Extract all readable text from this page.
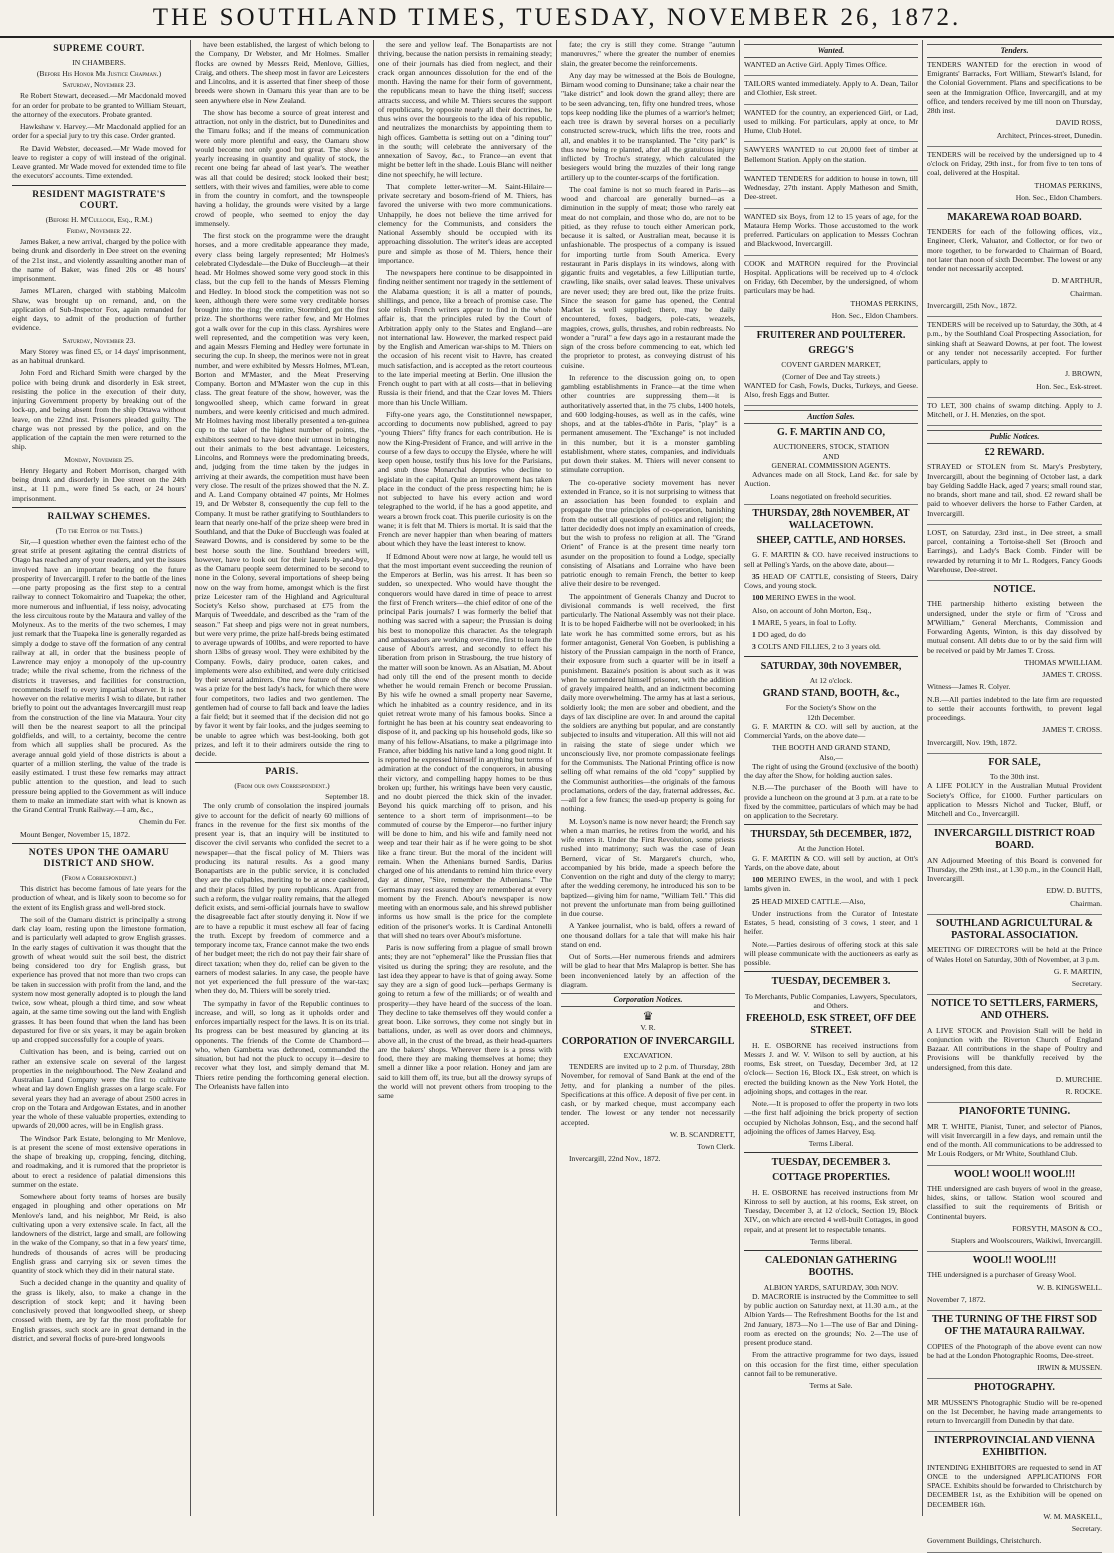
THE SOUTHLAND TIMES, TUESDAY, NOVEMBER 26, 1872.
SUPREME COURT.
IN CHAMBERS.
(Before His Honor Mr Justice Chapman.)
Saturday, November 23.

Re Robert Stewart, deceased.—Mr Macdonald moved for an order for probate to be granted to William Steuart, the attorney of the executors. Probate granted.

Hawkshaw v. Harvey.—Mr Macdonald applied for an order for a special jury to try this case. Order granted.

Re David Webster, deceased.—Mr Wade moved for leave to register a copy of will instead of the original. Leave granted. Mr Wade moved for extended time to file the executors' accounts. Time extended.

RESIDENT MAGISTRATE'S COURT.
(Before H. M'Culloch, Esq., R.M.)
Friday, November 22.

James Baker, a new arrival, charged by the police with being drunk and disorderly in Dee street on the evening of the 21st inst., and violently assaulting another man of the name of Baker, was fined 20s or 48 hours' imprisonment.

James M'Laren, charged with stabbing Malcolm Shaw, was brought up on remand, and, on the application of Sub-Inspector Fox, again remanded for eight days, to admit of the production of further evidence.

Saturday, November 23.

Mary Storey was fined £5, or 14 days' imprisonment, as an habitual drunkard.

John Ford and Richard Smith were charged by the police with being drunk and disorderly in Esk street, resisting the police in the execution of their duty, injuring Government property by breaking out of the lock-up, and being absent from the ship Ottawa without leave, on the 22nd inst. Prisoners pleaded guilty. The charge was not pressed by the police, and on the application of the captain the men were returned to the ship.

Monday, November 25.

Henry Hegarty and Robert Morrison, charged with being drunk and disorderly in Dee street on the 24th inst., at 11 p.m., were fined 5s each, or 24 hours' imprisonment.

RAILWAY SCHEMES.
(To the Editor of the Times.)

Sir,—I question whether even the faintest echo of the great strife at present agitating the central districts of Otago has reached any of your readers, and yet the issues involved have an important bearing on the future prosperity of Invercargill. I refer to the battle of the lines—one party proposing as the first step to a central railway to connect Tokomairiro and Tuapeka; the other, more numerous and influential, if less noisy, advocating the less circuitous route by the Mataura and valley of the Molyneux. As to the merits of the two schemes, I may just remark that the Tuapeka line is generally regarded as simply a dodge to stave off the formation of any central railway at all, in order that the business people of Lawrence may enjoy a monopoly of the up-country trade; while the rival scheme, from the richness of the districts it traverses, and facilities for construction, recommends itself to every impartial observer. It is not however on the relative merits I wish to dilate, but rather briefly to point out the advantages Invercargill must reap from the construction of the line via Mataura. Your city will then be the nearest seaport to all the principal goldfields, and will, to a certainty, become the centre from which all supplies shall be procured. As the average annual gold yield of those districts is about a quarter of a million sterling, the value of the trade is easily estimated. I trust these few remarks may attract public attention to the question, and lead to such pressure being applied to the Government as will induce them to make an immediate start with what is known as the Grand Central Trunk Railway.—I am, &c.,

Chemin du Fer.

Mount Benger, November 15, 1872.

NOTES UPON THE OAMARU DISTRICT AND SHOW.
(From a Correspondent.)

This district has become famous of late years for the production of wheat, and is likely soon to become so for the extent of its English grass and well-bred stock.

The soil of the Oamaru district is principally a strong dark clay loam, resting upon the limestone formation, and is particularly well adapted to grow English grasses. In the early stages of cultivation it was thought that the growth of wheat would suit the soil best, the district being considered too dry for English grass, but experience has proved that not more than two crops can be taken in succession with profit from the land, and the system now most generally adopted is to plough the land twice, sow wheat, plough a third time, and sow wheat again, at the same time sowing out the land with English grasses. It has been found that when the land has been depastured for five or six years, it may be again broken up and cropped successfully for a couple of years.

Cultivation has been, and is being, carried out on rather an extensive scale on several of the largest properties in the neighbourhood. The New Zealand and Australian Land Company were the first to cultivate wheat and lay down English grasses on a large scale. For several years they had an average of about 2500 acres in crop on the Totara and Ardgowan Estates, and in another year the whole of these valuable properties, extending to upwards of 20,000 acres, will be in English grass.

The Windsor Park Estate, belonging to Mr Menlove, is at present the scene of most extensive operations in the shape of breaking up, cropping, fencing, ditching, and roadmaking, and it is rumored that the proprietor is about to erect a residence of palatial dimensions this summer on the estate.

Somewhere about forty teams of horses are busily engaged in ploughing and other operations on Mr Menlove's land, and his neighbor, Mr Reid, is also cultivating upon a very extensive scale. In fact, all the landowners of the district, large and small, are following in the wake of the Company, so that in a few years' time, hundreds of thousands of acres will be producing English grass and carrying six or seven times the quantity of stock which they did in their natural state.

Such a decided change in the quantity and quality of the grass is likely, also, to make a change in the description of stock kept; and it having been conclusively proved that longwoolled sheep, or sheep crossed with them, are by far the most profitable for English grasses, such stock are in great demand in the district, and several flocks of pure-bred longwools

have been established, the largest of which belong to the Company, Dr Webster, and Mr Holmes. Smaller flocks are owned by Messrs Reid, Menlove, Gillies, Craig, and others. The sheep most in favor are Leicesters and Lincolns, and it is asserted that finer sheep of those breeds were shown in Oamaru this year than are to be seen anywhere else in New Zealand.

The show has become a source of great interest and attraction, not only in the district, but to Dunedinites and the Timaru folks; and if the means of communication were only more plentiful and easy, the Oamaru show would become not only good but great. The show is yearly increasing in quantity and quality of stock, the recent one being far ahead of last year's. The weather was all that could be desired; stock looked their best; settlers, with their wives and families, were able to come in from the country in comfort, and the townspeople having a holiday, the grounds were visited by a large crowd of people, who seemed to enjoy the day immensely.

The first stock on the programme were the draught horses, and a more creditable appearance they made, every class being largely represented; Mr Holmes's celebrated Clydesdale—the Duke of Buccleugh—at their head. Mr Holmes showed some very good stock in this class, but the cup fell to the hands of Messrs Fleming and Hedley. In blood stock the competition was not so keen, although there were some very creditable horses brought into the ring; the entire, Stormbird, got the first prize. The shorthorns were rather few, and Mr Holmes got a walk over for the cup in this class. Ayrshires were well represented, and the competition was very keen, and again Messrs Fleming and Hedley were fortunate in securing the cup. In sheep, the merinos were not in great number, and were exhibited by Messrs Holmes, M'Lean, Borton and M'Master, and the Meat Preserving Company. Borton and M'Master won the cup in this class. The great feature of the show, however, was the longwoolled sheep, which came forward in great numbers, and were keenly criticised and much admired. Mr Holmes having most liberally presented a ten-guinea cup to the taker of the highest number of points, the exhibitors seemed to have done their utmost in bringing out their animals to the best advantage. Leicesters, Lincolns, and Romneys were the predominating breeds, and, judging from the time taken by the judges in arriving at their awards, the competition must have been very close. The result of the prizes showed that the N. Z. and A. Land Company obtained 47 points, Mr Holmes 19, and Dr Webster 8, consequently the cup fell to the Company. It must be rather gratifying to Southlanders to learn that nearly one-half of the prize sheep were bred in Southland, and that the Duke of Buccleugh was foaled at Seaward Downs, and is considered by some to be the best horse south the line. Southland breeders will, however, have to look out for their laurels by-and-bye, as the Oamaru people seem determined to be second to none in the Colony, several importations of sheep being now on the way from home, amongst which is the first prize Leicester ram of the Highland and Agricultural Society's Kelso show, purchased at £75 from the Marquis of Tweeddale, and described as the "ram of the season." Fat sheep and pigs were not in great numbers, but were very prime, the prize half-breds being estimated to average upwards of 100lbs, and were reported to have shorn 13lbs of greasy wool. They were exhibited by the Company. Fowls, dairy produce, oaten cakes, and implements were also exhibited, and were duly criticised by their several admirers. One new feature of the show was a prize for the best lady's hack, for which there were four competitors, two ladies and two gentlemen. The gentlemen had of course to fall back and leave the ladies a fair field; but it seemed that if the decision did not go by favor it went by fair looks, and the judges seeming to be unable to agree which was best-looking, both got prizes, and left it to their admirers outside the ring to decide.

PARIS.
(From our own Correspondent.)
September 18.

The only crumb of consolation the inspired journals give to account for the deficit of nearly 60 millions of francs in the revenue for the first six months of the present year is, that an inquiry will be instituted to discover the civil servants who confided the secret to a newspaper—that the fiscal policy of M. Thiers was producing its natural results. As a good many Bonapartists are in the public service, it is concluded they are the culpables, meriting to be at once cashiered, and their places filled by pure republicans. Apart from such a reform, the vulgar reality remains, that the alleged deficit exists, and semi-official journals have to swallow the disagreeable fact after stoutly denying it. Now if we are to have a republic it must eschew all fear of facing the truth. Except by freedom of commerce and a temporary income tax, France cannot make the two ends of her budget meet; the rich do not pay their fair share of direct taxation; when they do, relief can be given to the earners of modest salaries. In any case, the people have not yet experienced the full pressure of the war-tax; when they do, M. Thiers will be sorely tried.

The sympathy in favor of the Republic continues to increase, and will, so long as it upholds order and enforces impartially respect for the laws. It is on its trial. Its progress can be best measured by glancing at its opponents. The friends of the Comte de Chambord—who, when Gambetta was dethroned, commanded the situation, but had not the pluck to occupy it—desire to recover what they lost, and simply demand that M. Thiers retire pending the forthcoming general election. The Orleanists have fallen into

the sere and yellow leaf. The Bonapartists are not thriving, because the nation persists in remaining steady; one of their journals has died from neglect, and their crack organ announces dissolution for the end of the month. Having the name for their form of government, the republicans mean to have the thing itself; success attracts success, and while M. Thiers secures the support of republicans, by opposite nearly all their doctrines, he thus wins over the bourgeois to the idea of his republic, and neutralizes the monarchists by appointing them to high offices. Gambetta is setting out on a "dining tour" in the south; will celebrate the anniversary of the annexation of Savoy, &c., to France—an event that might be better left in the shade. Louis Blanc will neither dine not speechify, he will lecture.

That complete letter-writer—M. Saint-Hilaire—private secretary and bosom-friend of M. Thiers, has favored the universe with two more communications. Unhappily, he does not believe the time arrived for clemency for the Communists, and considers the National Assembly should be occupied with its approaching dissolution. The writer's ideas are accepted pure and simple as those of M. Thiers, hence their importance.

The newspapers here continue to be disappointed in finding neither sentiment nor tragedy in the settlement of the Alabama question; it is all a matter of pounds, shillings, and pence, like a breach of promise case. The sole relish French writers appear to find in the whole affair is, that the principles ruled by the Court of Arbitration apply only to the States and England—are not international law. However, the marked respect paid by the English and American war-ships to M. Thiers on the occasion of his recent visit to Havre, has created much satisfaction, and is accepted as the retort courteous to the late imperial meeting at Berlin. One illusion the French ought to part with at all costs—that in believing Russia is their friend, and that the Czar loves M. Thiers more than his Uncle William.

Fifty-one years ago, the Constitutionnel newspaper, according to documents now published, agreed to pay "young Thiers" fifty francs for each contribution. He is now the King-President of France, and will arrive in the course of a few days to occupy the Elysée, where he will keep open house, testify thus his love for the Parisians, and snub those Monarchal deputies who decline to legislate in the capital. Quite an improvement has taken place in the conduct of the press respecting him; he is not subjected to have his every action and word telegraphed to the world, if he has a good appetite, and wears a brown frock coat. This puerile curiosity is on the wane; it is felt that M. Thiers is mortal. It is said that the French are never happier than when bearing of matters about which they have the least interest to know.

If Edmond About were now at large, he would tell us that the most important event succeeding the reunion of the Emperors at Berlin, was his arrest. It has been so sudden, so unexpected. Who would have thought the conquerors would have dared in time of peace to arrest the first of French writers—the chief editor of one of the principal Paris journals? I was formerly the belief that nothing was sacred with a sapeur; the Prussian is doing his best to monopolize this character. As the telegraph and ambassadors are working over-time, first to learn the cause of About's arrest, and secondly to effect his liberation from prison in Strasbourg, the true history of the matter will soon be known. As an Alsatian, M. About had only till the end of the present month to decide whether he would remain French or become Prussian. By his wife he owned a small property near Saverne, which he inhabited as a country residence, and in its quiet retreat wrote many of his famous books. Since a fortnight he has been at his country seat endeavoring to dispose of it, and packing up his household gods, like so many of his fellow-Alsatians, to make a pilgrimage into France, after bidding his native land a long good night. It is reported he expressed himself in anything but terms of admiration at the conduct of the conquerors, in abusing their victory, and compelling happy homes to be thus broken up; further, his writings have been very caustic, and no doubt pierced the thick skin of the invader. Beyond his quick marching off to prison, and his sentence to a short term of imprisonment—to be commuted of course by the Emperor—no further injury will be done to him, and his wife and family need not weep and tear their hair as if he were going to be shot like a franc tireur. But the moral of the incident will remain. When the Athenians burned Sardis, Darius charged one of his attendants to remind him thrice every day at dinner, "Sire, remember the Athenians." The Germans may rest assured they are remembered at every moment by the French. About's newspaper is now meeting with an enormous sale, and his shrewd publisher informs us how small is the price for the complete edition of the prisoner's works. It is Cardinal Antonelli that will shed no tears over About's misfortune.

Paris is now suffering from a plague of small brown ants; they are not "ephemeral" like the Prussian flies that visited us during the spring; they are resolute, and the last idea they appear to have is that of going away. Some say they are a sign of good luck—perhaps Germany is going to return a few of the milliards; or of wealth and prosperity—they have heard of the success of the loan. They decline to take themselves off they would confer a great boon. Like sorrows, they come not singly but in battalions, under, as well as over doors and chimneys, above all, in the crust of the bread, as their head-quarters are the bakers' shops. Wherever there is a press with food, there they are making themselves at home; they smell a dinner like a poor relation. Honey and jam are said to kill them off, its true, but all the drowsy syrups of the world will not prevent others from trooping to the same

fate; the cry is still they come. Strange "autumn manœuvres," where the greater the number of enemies slain, the greater become the reinforcements.

Any day may be witnessed at the Bois de Boulogne, Birnam wood coming to Dunsinane; take a chair near the "lake district" and look down the grand alley; there are to be seen advancing, ten, fifty one hundred trees, whose tops keep nodding like the plumes of a warrior's helmet; each tree is drawn by several horses on a peculiarly constructed screw-truck, which lifts the tree, roots and all, and enables it to be transplanted. The "city park" is thus now being re planted, after all the gratuitous injury inflicted by Trochu's strategy, which calculated the besiegers would bring the muzzles of their long range artillery up to the counter-scarps of the fortification.

The coal famine is not so much feared in Paris—as wood and charcoal are generally burned—as a diminution in the supply of meat; those who rarely eat meat do not complain, and those who do, are not to be pitied, as they refuse to touch either American pork, because it is salted, or Australian meat, because it is unfashionable. The prospectus of a company is issued for importing turtle from South America. Every restaurant in Paris displays in its windows, along with gigantic fruits and vegetables, a few Lilliputian turtle, crawling, like snails, over salad leaves. These univalves are never used; they are bred out, like the prize fruits. Since the season for game has opened, the Central Market is well supplied; there, may be daily encountered, foxes, badgers, pole-cats, weazels, magpies, crows, gulls, thrushes, and robin redbreasts. No wonder a "rural" a few days ago in a restaurant made the sign of the cross before commencing to eat, which led the proprietor to protest, as conveying distrust of his cuisine.

In reference to the discussion going on, to open gambling establishments in France—at the time when other countries are suppressing them—it is authoritatively asserted that, in the 75 clubs, 1400 hotels, and 600 lodging-houses, as well as in the cafés, wine shops, and at the tables-d'hôte in Paris, "play" is a permanent amusement. The "Exchange" is not included in this number, but it is a monster gambling establishment, where states, companies, and individuals put down their stakes. M. Thiers will never consent to stimulate corruption.

The co-operative society movement has never extended in France, so it is not surprising to witness that an association has been founded to explain and propagate the true principles of co-operation, banishing from the outset all questions of politics and religion; the latter decidedly does not imply an examination of creeds, but the wish to profess no religion at all. The "Grand Orient" of France is at the present time nearly torn asunder on the proposition to found a Lodge, specially consisting of Alsatians and Lorraine who have been patriotic enough to remain French, the better to keep alive their desire to be revenged.

The appointment of Generals Chanzy and Ducrot to divisional commands is well received, the first particularly. The National Assembly was not their place. It is to be hoped Faidherbe will not be overlooked; in his late work he has committed some errors, but as his former antagonist, General Von Goeben, is publishing a history of the Prussian campaign in the north of France, their exposure from such a quarter will be in itself a punishment. Bazaine's position is about such as it was when he surrendered himself prisoner, with the addition of gravely impaired health, and an indictment becoming daily more overwhelming. The army has at last a serious, soldierly look; the men are sober and obedient, and the days of lax discipline are over. In and around the capital the soldiers are anything but popular, and are constantly subjected to insults and vituperation. All this will not aid in raising the state of siege under which we unconsciously live, nor promote compassionate feelings for the Communists. The National Printing office is now selling off what remains of the old "copy" supplied by the Communist authorities—the originals of the famous proclamations, orders of the day, fraternal addresses, &c.—all for a few francs; the used-up property is going for nothing.

M. Loyson's name is now never heard; the French say when a man marries, he retires from the world, and his wife enters it. Under the First Revolution, some priests rushed into matrimony; such was the case of Jean Bernerd, vicar of St. Margaret's church, who, accompanied by his bride, made a speech before the Convention on the right and duty of the clergy to marry; after the wedding ceremony, he introduced his son to be baptized—giving him for name, "William Tell." This did not prevent the unfortunate man from being guillotined in due course.

A Yankee journalist, who is bald, offers a reward of one thousand dollars for a tale that will make his hair stand on end.

Out of Sorts.—Her numerous friends and admirers will be glad to hear that Mrs Malaprop is better. She has been inconvenienced lately by an affection of the diagram.

Corporation Notices.
♛
V. R.
CORPORATION OF INVERCARGILL
EXCAVATION.

TENDERS are invited up to 2 p.m. of Thursday, 28th November, for removal of Sand Bank at the end of the Jetty, and for planking a number of the piles. Specifications at this office. A deposit of five per cent. in cash, or by marked cheque, must accompany each tender. The lowest or any tender not necessarily accepted.

W. B. SCANDRETT,

Town Clerk.

Invercargill, 22nd Nov., 1872.

Wanted.

WANTED an Active Girl. Apply Times Office.

TAILORS wanted immediately. Apply to A. Dean, Tailor and Clothier, Esk street.

WANTED for the country, an experienced Girl, or Lad, used to milking. For particulars, apply at once, to Mr Hume, Club Hotel.

SAWYERS WANTED to cut 20,000 feet of timber at Bellemont Station. Apply on the station.

WANTED TENDERS for addition to house in town, till Wednesday, 27th instant. Apply Matheson and Smith, Dee-street.

WANTED six Boys, from 12 to 15 years of age, for the Mataura Hemp Works. Those accustomed to the work preferred. Particulars on application to Messrs Cochran and Blackwood, Invercargill.

COOK and MATRON required for the Provincial Hospital. Applications will be received up to 4 o'clock on Friday, 6th December, by the undersigned, of whom particulars may be had.

THOMAS PERKINS,

Hon. Sec., Eldon Chambers.

FRUITERER AND POULTERER.
GREGG'S
COVENT GARDEN MARKET,
(Corner of Dee and Tay streets.)

WANTED for Cash, Fowls, Ducks, Turkeys, and Geese. Also, fresh Eggs and Butter.

Auction Sales.
G. F. MARTIN AND CO,
AUCTIONEERS, STOCK, STATION
AND
GENERAL COMMISSION AGENTS.

Advances made on all Stock, Land &c. for sale by Auction.

Loans negotiated on freehold securities.
THURSDAY, 28th NOVEMBER, AT WALLACETOWN.
SHEEP, CATTLE, AND HORSES.

G. F. MARTIN & CO. have received instructions to sell at Pelling's Yards, on the above date, about—

35 HEAD OF CATTLE, consisting of Steers, Dairy Cows, and young stock.

100 MERINO EWES in the wool.

Also, on account of John Morton, Esq.,

1 MARE, 5 years, in foal to Lofty.

1 DO aged, do do

3 COLTS AND FILLIES, 2 to 3 years old.

SATURDAY, 30th NOVEMBER,
At 12 o'clock.
GRAND STAND, BOOTH, &c.,
For the Society's Show on the
12th December.

G. F. MARTIN & CO. will sell by auction, at the Commercial Yards, on the above date—

THE BOOTH AND GRAND STAND,
Also,—

The right of using the Ground (exclusive of the booth) the day after the Show, for holding auction sales.

N.B.—The purchaser of the Booth will have to provide a luncheon on the ground at 3 p.m. at a rate to be fixed by the committee, particulars of which may be had on application to the Secretary.

THURSDAY, 5th DECEMBER, 1872,
At the Junction Hotel.

G. F. MARTIN & CO. will sell by auction, at Ott's Yards, on the above date, about

100 MERINO EWES, in the wool, and with 1 peck lambs given in.

25 HEAD MIXED CATTLE.—Also,

Under instructions from the Curator of Intestate Estates, 5 head, consisting of 3 cows, 1 steer, and 1 heifer.

Note.—Parties desirous of offering stock at this sale will please communicate with the auctioneers as early as possible.

TUESDAY, DECEMBER 3.
To Merchants, Public Companies, Lawyers, Speculators, and Others.
FREEHOLD, ESK STREET, OFF DEE STREET.

H. E. OSBORNE has received instructions from Messrs J. and W. V. Wilson to sell by auction, at his rooms, Esk street, on Tuesday, December 3rd, at 12 o'clock— Section 16, Block IX., Esk street, on which is erected the building known as the New York Hotel, the adjoining shops, and cottages in the rear.

Note.—It is proposed to offer the property in two lots—the first half adjoining the brick property of section occupied by Nicholas Johnson, Esq., and the second half adjoining the offices of James Harvey, Esq.

Terms Liberal.
TUESDAY, DECEMBER 3.
COTTAGE PROPERTIES.

H. E. OSBORNE has received instructions from Mr Kinross to sell by auction, at his rooms, Esk street, on Tuesday, December 3, at 12 o'clock, Section 19, Block XIV., on which are erected 4 well-built Cottages, in good repair, and at present let to respectable tenants.

Terms liberal.
CALEDONIAN GATHERING BOOTHS.
ALBION YARDS, SATURDAY, 30th NOV.

D. MACRORIE is instructed by the Committee to sell by public auction on Saturday next, at 11.30 a.m., at the Albion Yards— The Refreshment Booths for the 1st and 2nd January, 1873—No 1—The use of Bar and Dining-room as erected on the grounds; No. 2—The use of present produce stand.

From the attractive programme for two days, issued on this occasion for the first time, either speculation cannot fail to be remunerative.

Terms at Sale.
Tenders.

TENDERS WANTED for the erection in wood of Emigrants' Barracks, Fort William, Stewart's Island, for the Colonial Government. Plans and specifications to be seen at the Immigration Office, Invercargill, and at my office, and tenders received by me till noon on Thursday, 28th inst.

DAVID ROSS,

Architect, Princes-street, Dunedin.

TENDERS will be received by the undersigned up to 4 o'clock on Friday, 29th inst., for from five to ten tons of coal, delivered at the Hospital.

THOMAS PERKINS,

Hon. Sec., Eldon Chambers.

MAKAREWA ROAD BOARD.

TENDERS for each of the following offices, viz., Engineer, Clerk, Valuator, and Collector, or for two or more together, to be forwarded to Chairman of Board, not later than noon of sixth December. The lowest or any tender not necessarily accepted.

D. M'ARTHUR,

Chairman.

Invercargill, 25th Nov., 1872.

TENDERS will be received up to Saturday, the 30th, at 4 p.m., by the Southland Coal Prospecting Association, for sinking shaft at Seaward Downs, at per foot. The lowest or any tender not necessarily accepted. For further particulars, apply to

J. BROWN,

Hon. Sec., Esk-street.

TO LET, 300 chains of swamp ditching. Apply to J. Mitchell, or J. H. Menzies, on the spot.

Public Notices.
£2 REWARD.

STRAYED or STOLEN from St. Mary's Presbytery, Invercargill, about the beginning of October last, a dark bay Gelding Saddle Hack, aged 7 years; small round star, no brands, short mane and tail, shod. £2 reward shall be paid to whoever delivers the horse to Father Carden, at Invercargill.

LOST, on Saturday, 23rd inst., in Dee street, a small parcel, containing a Tortoise-shell Set (Brooch and Earrings), and Lady's Back Comb. Finder will be rewarded by returning it to Mr L. Rodgers, Fancy Goods Warehouse, Dee-street.

NOTICE.

THE partnership hitherto existing between the undersigned, under the style or firm of "Cross and M'William," General Merchants, Commission and Forwarding Agents, Winton, is this day dissolved by mutual consent. All debts due to or by the said firm will be received or paid by Mr James T. Cross.

THOMAS M'WILLIAM.

JAMES T. CROSS.

Witness—James R. Colyer.

N.B.—All parties indebted to the late firm are requested to settle their accounts forthwith, to prevent legal proceedings.

JAMES T. CROSS.

Invercargill, Nov. 19th, 1872.

FOR SALE,
To the 30th inst.

A LIFE POLICY in the Australian Mutual Provident Society's Office, for £1000. Further particulars on application to Messrs Nichol and Tucker, Bluff, or Mitchell and Co., Invercargill.

INVERCARGILL DISTRICT ROAD BOARD.

AN Adjourned Meeting of this Board is convened for Thursday, the 29th inst., at 1.30 p.m., in the Council Hall, Invercargill.

EDW. D. BUTTS,

Chairman.

SOUTHLAND AGRICULTURAL & PASTORAL ASSOCIATION.

MEETING OF DIRECTORS will be held at the Prince of Wales Hotel on Saturday, 30th of November, at 3 p.m.

G. F. MARTIN,

Secretary.

NOTICE TO SETTLERS, FARMERS, AND OTHERS.

A LIVE STOCK and Provision Stall will be held in conjunction with the Riverton Church of England Bazaar. All contributions in the shape of Poultry and Provisions will be thankfully received by the undersigned, from this date.

D. MURCHIE.

R. ROCKE.

PIANOFORTE TUNING.

MR T. WHITE, Pianist, Tuner, and selector of Pianos, will visit Invercargill in a few days, and remain until the end of the month. All communications to be addressed to Mr Louis Rodgers, or Mr White, Southland Club.

WOOL! WOOL!! WOOL!!!

THE undersigned are cash buyers of wool in the grease, hides, skins, or tallow. Station wool scoured and classified to suit the requirements of British or Continental buyers.

FORSYTH, MASON & CO.,

Staplers and Woolscourers, Waikiwi, Invercargill.

WOOL!! WOOL!!!

THE undersigned is a purchaser of Greasy Wool.

W. B. KINGSWELL.

November 7, 1872.

THE TURNING OF THE FIRST SOD OF THE MATAURA RAILWAY.

COPIES of the Photograph of the above event can now be had at the London Photographic Rooms, Dee-street.

IRWIN & MUSSEN.

PHOTOGRAPHY.

MR MUSSEN'S Photographic Studio will be re-opened on the 1st December, he having made arrangements to return to Invercargill from Dunedin by that date.

INTERPROVINCIAL AND VIENNA EXHIBITION.

INTENDING EXHIBITORS are requested to send in AT ONCE to the undersigned APPLICATIONS FOR SPACE. Exhibits should be forwarded to Christchurch by DECEMBER 1st, as the Exhibition will be opened on DECEMBER 16th.

W. M. MASKELL,

Secretary.

Government Buildings, Christchurch.
